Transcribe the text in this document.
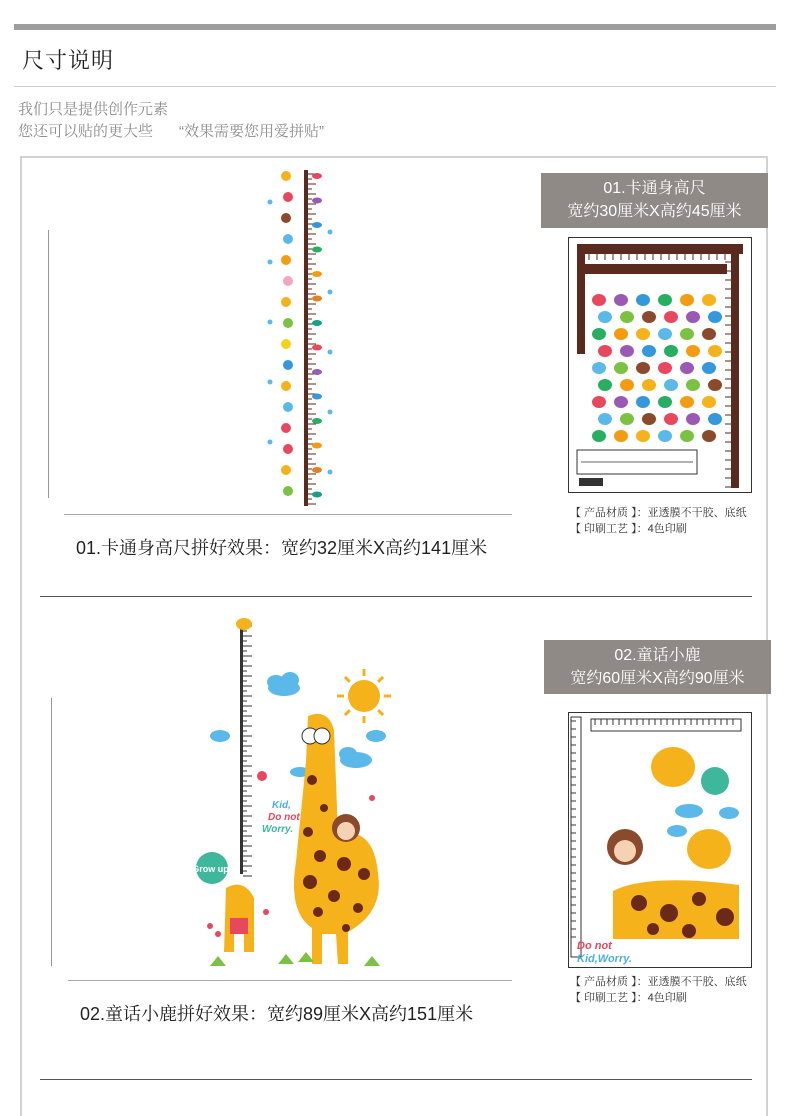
尺寸说明
我们只是提供创作元素
您还可以贴的更大些 “效果需要您用爱拼贴”
01.卡通身高尺拼好效果：宽约32厘米X高约141厘米
01.卡通身高尺
宽约30厘米X高约45厘米
【 产品材质 】：亚透膜不干胶、底纸
【 印刷工艺 】：4色印刷
Grow up!
Kid,
Do not
Worry.
02.童话小鹿拼好效果：宽约89厘米X高约151厘米
02.童话小鹿
宽约60厘米X高约90厘米
Do not
Kid,Worry.
【 产品材质 】：亚透膜不干胶、底纸
【 印刷工艺 】：4色印刷
